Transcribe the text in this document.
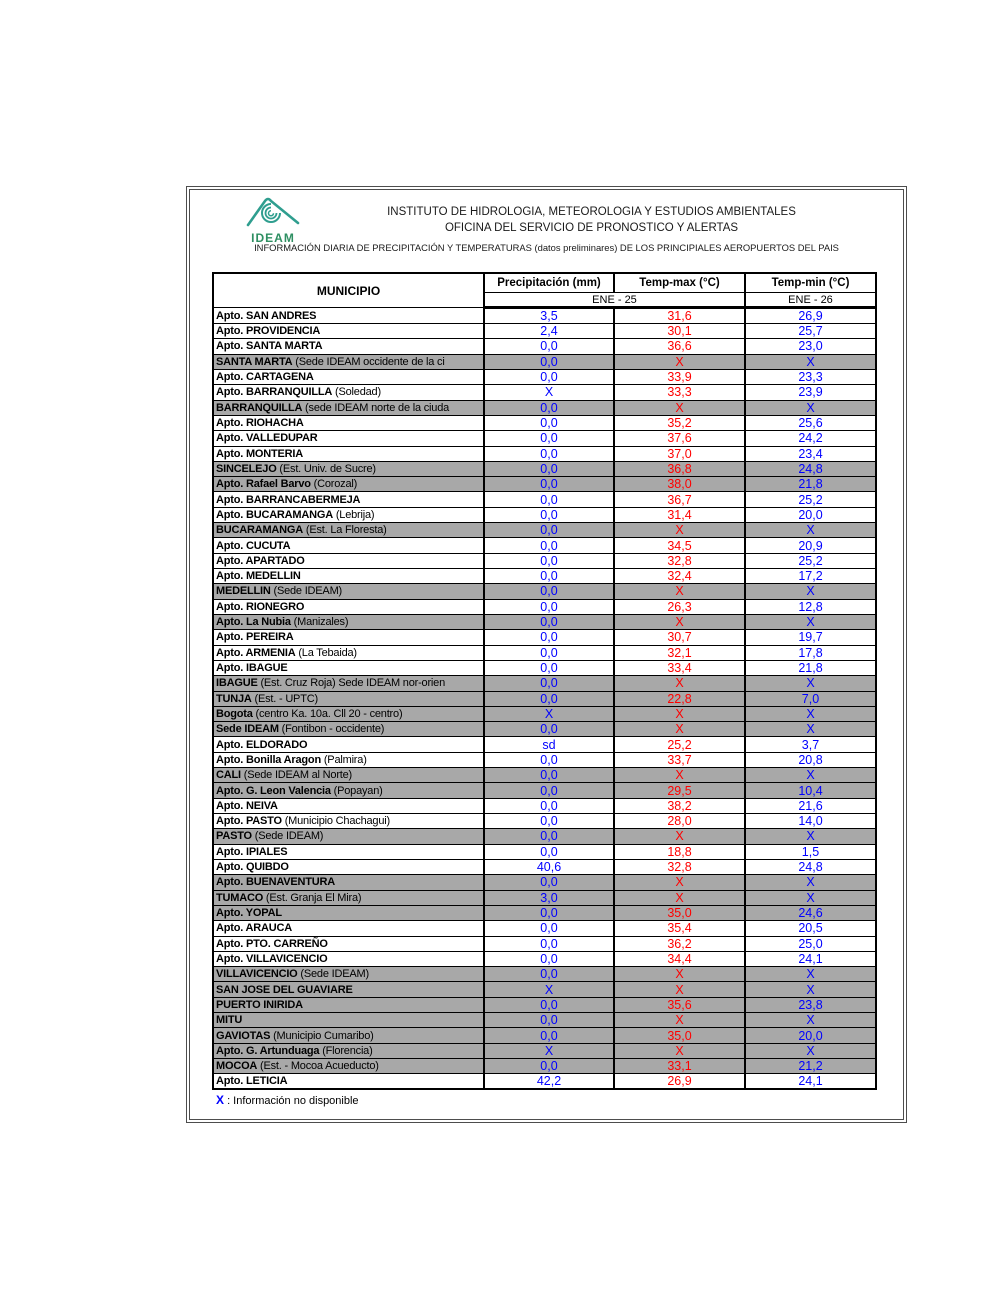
IDEAM
INSTITUTO DE HIDROLOGIA, METEOROLOGIA Y ESTUDIOS AMBIENTALES
OFICINA DEL SERVICIO DE PRONOSTICO Y ALERTAS
INFORMACIÓN DIARIA DE PRECIPITACIÓN Y TEMPERATURAS (datos preliminares) DE LOS PRINCIPIALES AEROPUERTOS DEL PAIS
MUNICIPIO	Precipitación (mm)	Temp-max (°C)	Temp-min (°C)
	ENE - 25		ENE - 26
Apto. SAN ANDRES	3,5	31,6	26,9
Apto. PROVIDENCIA	2,4	30,1	25,7
Apto. SANTA MARTA	0,0	36,6	23,0
SANTA MARTA (Sede IDEAM occidente de la ci	0,0	X	X
Apto. CARTAGENA	0,0	33,9	23,3
Apto. BARRANQUILLA (Soledad)	X	33,3	23,9
BARRANQUILLA (sede IDEAM norte de la ciuda	0,0	X	X
Apto. RIOHACHA	0,0	35,2	25,6
Apto. VALLEDUPAR	0,0	37,6	24,2
Apto. MONTERIA	0,0	37,0	23,4
SINCELEJO (Est. Univ. de Sucre)	0,0	36,8	24,8
Apto. Rafael Barvo (Corozal)	0,0	38,0	21,8
Apto. BARRANCABERMEJA	0,0	36,7	25,2
Apto. BUCARAMANGA (Lebrija)	0,0	31,4	20,0
BUCARAMANGA (Est. La Floresta)	0,0	X	X
Apto. CUCUTA	0,0	34,5	20,9
Apto. APARTADO	0,0	32,8	25,2
Apto. MEDELLIN	0,0	32,4	17,2
MEDELLIN (Sede IDEAM)	0,0	X	X
Apto. RIONEGRO	0,0	26,3	12,8
Apto. La Nubia (Manizales)	0,0	X	X
Apto. PEREIRA	0,0	30,7	19,7
Apto. ARMENIA (La Tebaida)	0,0	32,1	17,8
Apto. IBAGUE	0,0	33,4	21,8
IBAGUE (Est. Cruz Roja) Sede IDEAM nor-orien	0,0	X	X
TUNJA (Est. - UPTC)	0,0	22,8	7,0
Bogota (centro Ka. 10a. Cll 20 - centro)	X	X	X
Sede IDEAM (Fontibon - occidente)	0,0	X	X
Apto. ELDORADO	sd	25,2	3,7
Apto. Bonilla Aragon (Palmira)	0,0	33,7	20,8
CALI (Sede IDEAM al Norte)	0,0	X	X
Apto. G. Leon Valencia (Popayan)	0,0	29,5	10,4
Apto. NEIVA	0,0	38,2	21,6
Apto. PASTO (Municipio Chachagui)	0,0	28,0	14,0
PASTO (Sede IDEAM)	0,0	X	X
Apto. IPIALES	0,0	18,8	1,5
Apto. QUIBDO	40,6	32,8	24,8
Apto. BUENAVENTURA	0,0	X	X
TUMACO (Est. Granja El Mira)	3,0	X	X
Apto. YOPAL	0,0	35,0	24,6
Apto. ARAUCA	0,0	35,4	20,5
Apto. PTO. CARREÑO	0,0	36,2	25,0
Apto. VILLAVICENCIO	0,0	34,4	24,1
VILLAVICENCIO (Sede IDEAM)	0,0	X	X
SAN JOSE DEL GUAVIARE	X	X	X
PUERTO INIRIDA	0,0	35,6	23,8
MITU	0,0	X	X
GAVIOTAS (Municipio Cumaribo)	0,0	35,0	20,0
Apto. G. Artunduaga (Florencia)	X	X	X
MOCOA (Est. - Mocoa Acueducto)	0,0	33,1	21,2
Apto. LETICIA	42,2	26,9	24,1
X : Información no disponible
